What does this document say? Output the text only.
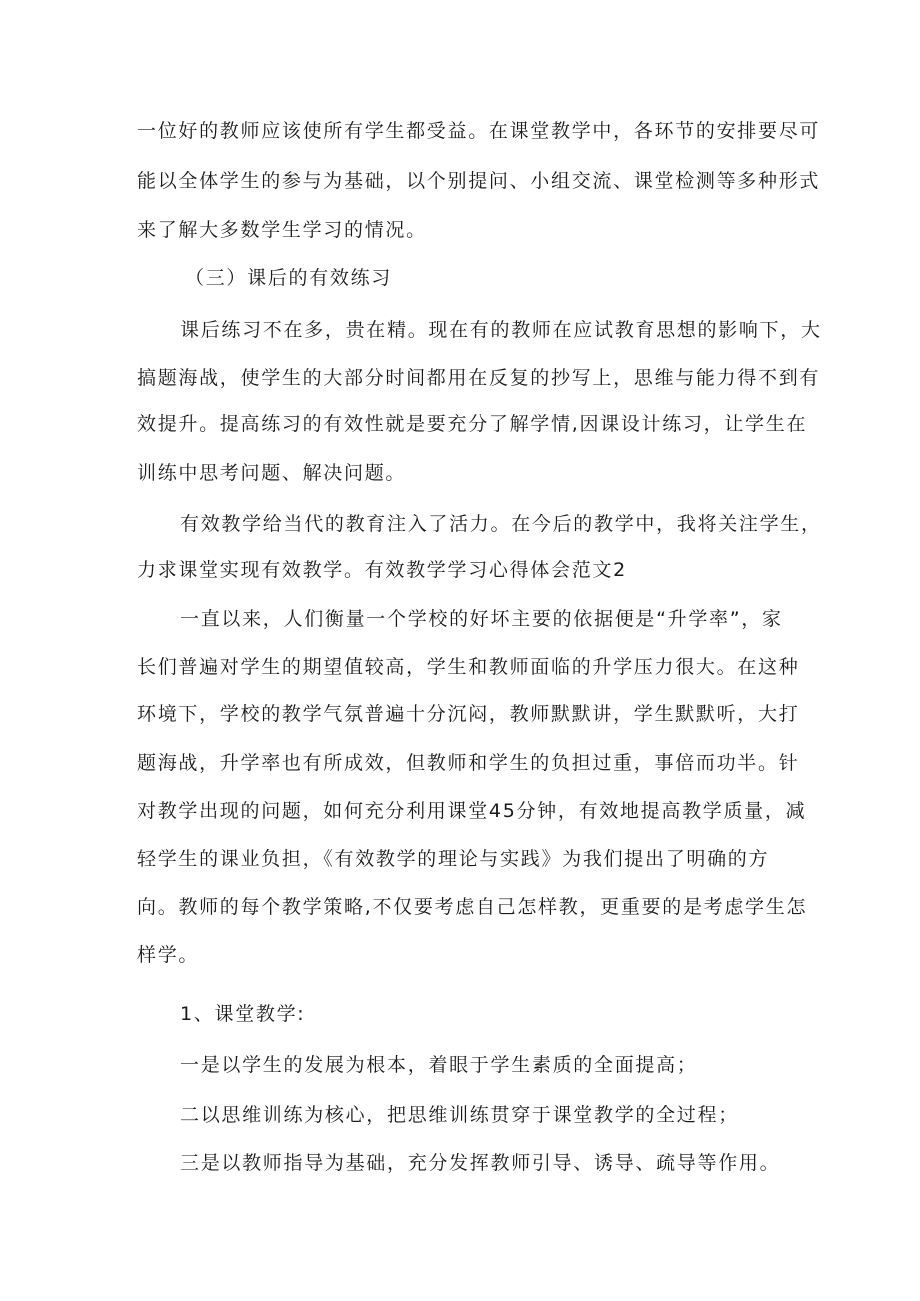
一位好的教师应该使所有学生都受益。在课堂教学中，各环节的安排要尽可
能以全体学生的参与为基础，以个别提问、小组交流、课堂检测等多种形式
来了解大多数学生学习的情况。
（三）课后的有效练习
课后练习不在多，贵在精。现在有的教师在应试教育思想的影响下，大
搞题海战，使学生的大部分时间都用在反复的抄写上，思维与能力得不到有
效提升。提高练习的有效性就是要充分了解学情,因课设计练习，让学生在
训练中思考问题、解决问题。
有效教学给当代的教育注入了活力。在今后的教学中，我将关注学生，
力求课堂实现有效教学。有效教学学习心得体会范文2
一直以来，人们衡量一个学校的好坏主要的依据便是“升学率”，家
长们普遍对学生的期望值较高，学生和教师面临的升学压力很大。在这种
环境下，学校的教学气氛普遍十分沉闷，教师默默讲，学生默默听，大打
题海战，升学率也有所成效，但教师和学生的负担过重，事倍而功半。针
对教学出现的问题，如何充分利用课堂45分钟，有效地提高教学质量，减
轻学生的课业负担，《有效教学的理论与实践》为我们提出了明确的方
向。教师的每个教学策略,不仅要考虑自己怎样教，更重要的是考虑学生怎
样学。
1、课堂教学:
一是以学生的发展为根本，着眼于学生素质的全面提高；
二以思维训练为核心，把思维训练贯穿于课堂教学的全过程；
三是以教师指导为基础，充分发挥教师引导、诱导、疏导等作用。
